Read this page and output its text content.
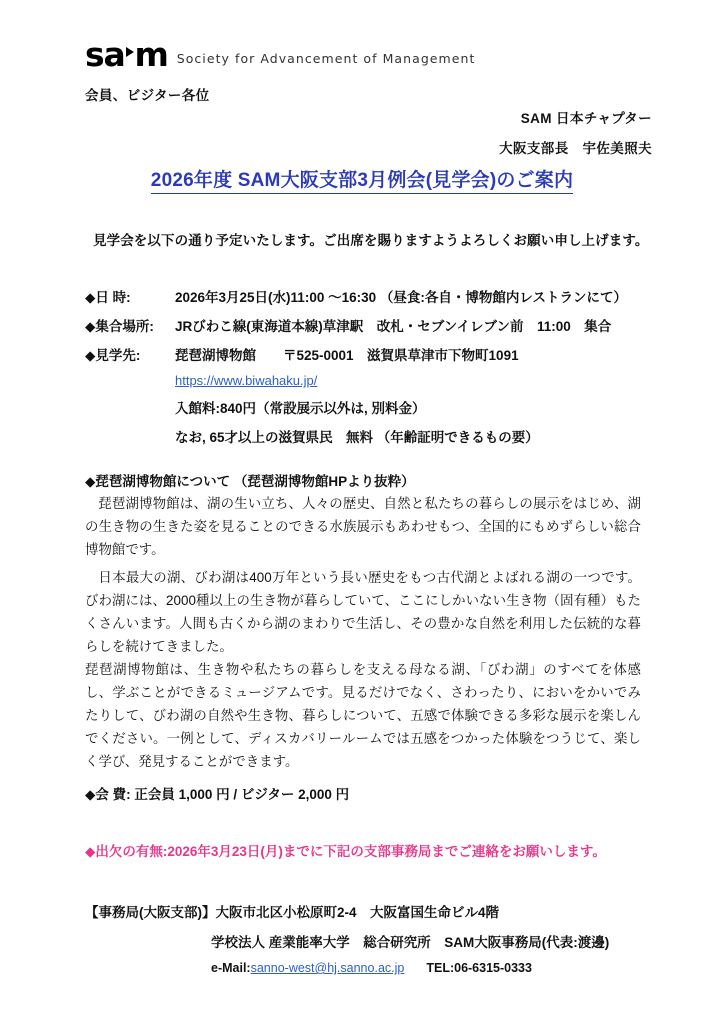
sa m Society for Advancement of Management
会員、ビジター各位
SAM 日本チャプター
大阪支部長　宇佐美照夫
2026年度 SAM大阪支部3月例会(見学会)のご案内
見学会を以下の通り予定いたします。ご出席を賜りますようよろしくお願い申し上げます。
◆日 時:	2026年3月25日(水)11:00 ～16:30 （昼食:各自・博物館内レストランにて）
◆集合場所:	JRびわこ線(東海道本線)草津駅　改札・セブンイレブン前　11:00　集合
◆見学先:	琵琶湖博物館　　〒525-0001　滋賀県草津市下物町1091
https://www.biwahaku.jp/
入館料:840円（常設展示以外は, 別料金）
なお, 65才以上の滋賀県民　無料 （年齢証明できるもの要）
◆琵琶湖博物館について （琵琶湖博物館HPより抜粋）
琵琶湖博物館は、湖の生い立ち、人々の歴史、自然と私たちの暮らしの展示をはじめ、湖の生き物の生きた姿を見ることのできる水族展示もあわせもつ、全国的にもめずらしい総合博物館です。
日本最大の湖、びわ湖は400万年という長い歴史をもつ古代湖とよばれる湖の一つです。びわ湖には、2000種以上の生き物が暮らしていて、ここにしかいない生き物（固有種）もたくさんいます。人間も古くから湖のまわりで生活し、その豊かな自然を利用した伝統的な暮らしを続けてきました。
琵琶湖博物館は、生き物や私たちの暮らしを支える母なる湖、「びわ湖」のすべてを体感し、学ぶことができるミュージアムです。見るだけでなく、さわったり、においをかいでみたりして、びわ湖の自然や生き物、暮らしについて、五感で体験できる多彩な展示を楽しんでください。一例として、ディスカバリールームでは五感をつかった体験をつうじて、楽しく学び、発見することができます。
◆会 費: 正会員 1,000 円 / ビジター 2,000 円
◆出欠の有無:2026年3月23日(月)までに下記の支部事務局までご連絡をお願いします。
【事務局(大阪支部)】大阪市北区小松原町2-4　大阪富国生命ビル4階
学校法人 産業能率大学　総合研究所　SAM大阪事務局(代表:渡邊)
e-Mail:sanno-west@hj.sanno.ac.jp TEL:06-6315-0333
